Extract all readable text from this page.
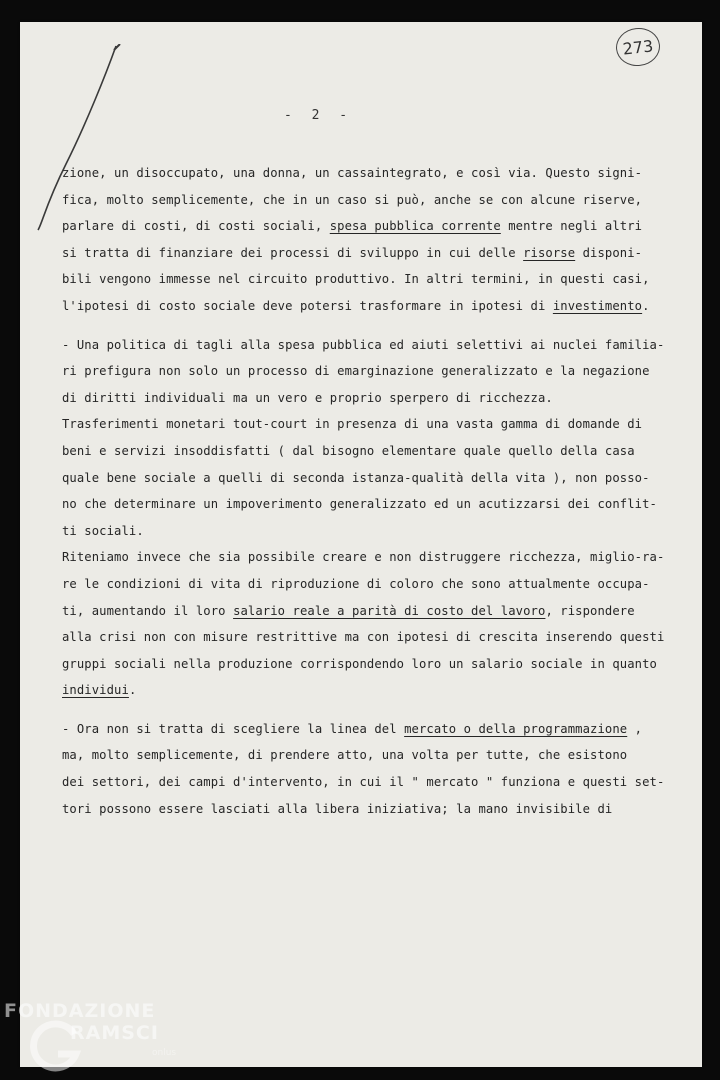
273
- 2 -

zione, un disoccupato, una donna, un cassaintegrato, e così via. Questo signi-
fica, molto semplicemente, che in un caso si può, anche se con alcune riserve,
parlare di costi, di costi sociali, spesa pubblica corrente mentre negli altri
si tratta di finanziare dei processi di sviluppo in cui delle risorse disponi-
bili vengono immesse nel circuito produttivo. In altri termini, in questi casi,
l'ipotesi di costo sociale deve potersi trasformare in ipotesi di investimento.

- Una politica di tagli alla spesa pubblica ed aiuti selettivi ai nuclei familia-
ri prefigura non solo un processo di emarginazione generalizzato e la negazione
di diritti individuali ma un vero e proprio sperpero di ricchezza.

Trasferimenti monetari tout-court in presenza di una vasta gamma di domande di
beni e servizi insoddisfatti ( dal bisogno elementare quale quello della casa
quale bene sociale a quelli di seconda istanza-qualità della vita ), non posso-
no che determinare un impoverimento generalizzato ed un acutizzarsi dei conflit-
ti sociali.

Riteniamo invece che sia possibile creare e non distruggere ricchezza, miglio-ra-
re le condizioni di vita di riproduzione di coloro che sono attualmente occupa-
ti, aumentando il loro salario reale a parità di costo del lavoro, rispondere
alla crisi non con misure restrittive ma con ipotesi di crescita inserendo questi
gruppi sociali nella produzione corrispondendo loro un salario sociale in quanto
individui.

- Ora non si tratta di scegliere la linea del mercato o della programmazione ,
ma, molto semplicemente, di prendere atto, una volta per tutte, che esistono
dei settori, dei campi d'intervento, in cui il " mercato " funziona e questi set-
tori possono essere lasciati alla libera iniziativa; la mano invisibile di

FONDAZIONE
RAMSCI
onlus
